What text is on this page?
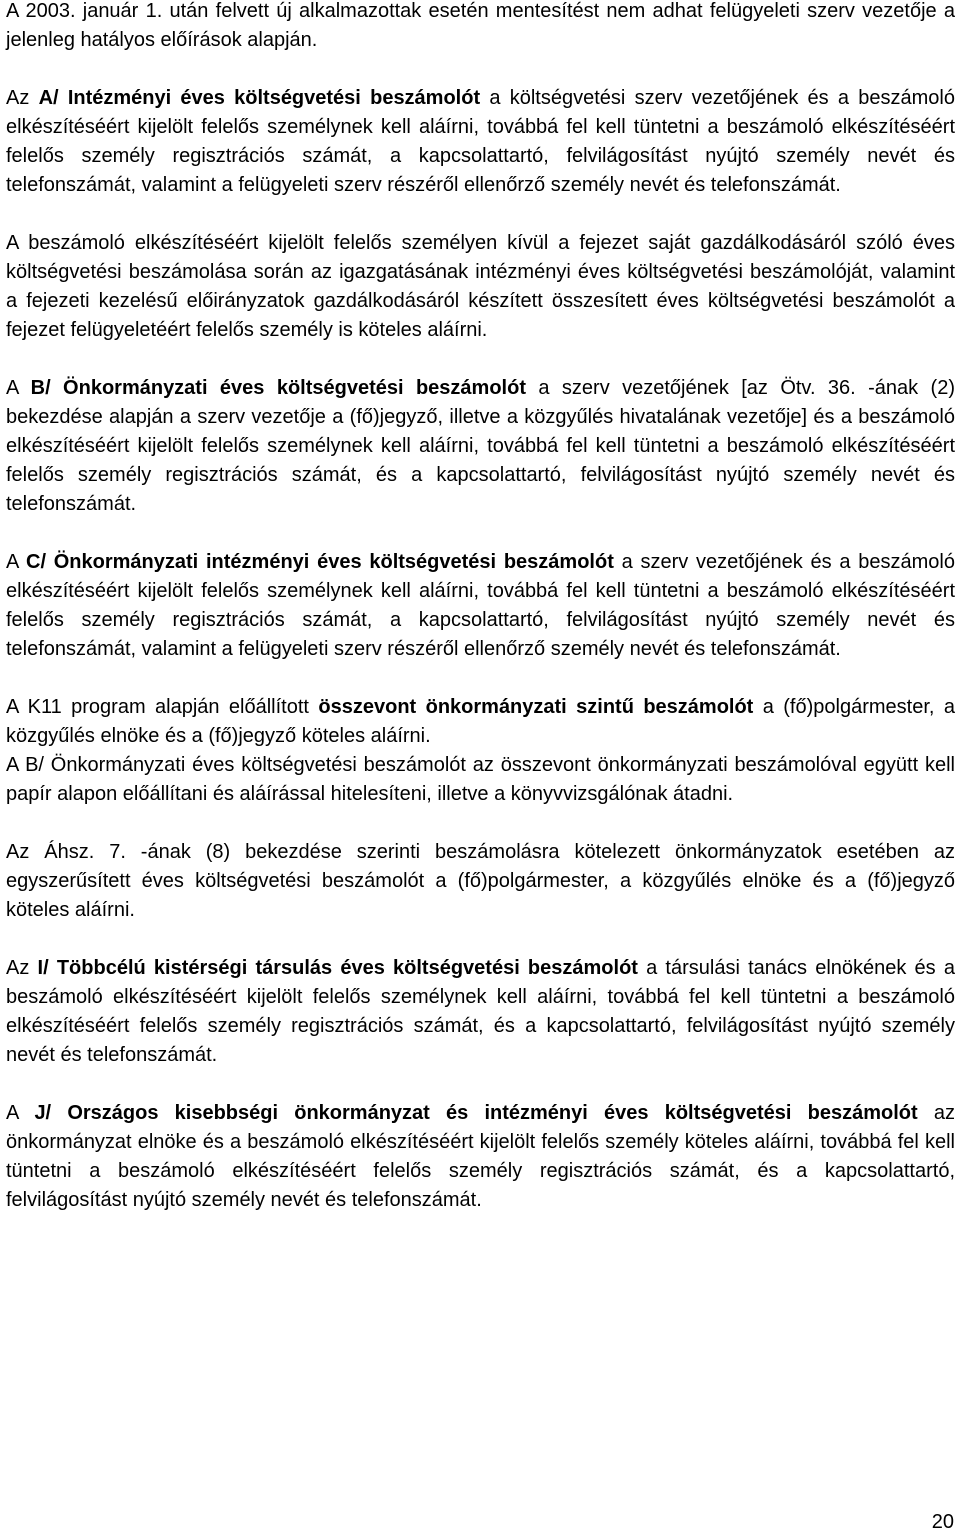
A 2003. január 1. után felvett új alkalmazottak esetén mentesítést nem adhat felügyeleti szerv vezetője a jelenleg hatályos előírások alapján.

Az A/ Intézményi éves költségvetési beszámolót a költségvetési szerv vezetőjének és a beszámoló elkészítéséért kijelölt felelős személynek kell aláírni, továbbá fel kell tüntetni a beszámoló elkészítéséért felelős személy regisztrációs számát, a kapcsolattartó, felvilágosítást nyújtó személy nevét és telefonszámát, valamint a felügyeleti szerv részéről ellenőrző személy nevét és telefonszámát.

A beszámoló elkészítéséért kijelölt felelős személyen kívül a fejezet saját gazdálkodásáról szóló éves költségvetési beszámolása során az igazgatásának intézményi éves költségvetési beszámolóját, valamint a fejezeti kezelésű előirányzatok gazdálkodásáról készített összesített éves költségvetési beszámolót a fejezet felügyeletéért felelős személy is köteles aláírni.

A B/ Önkormányzati éves költségvetési beszámolót a szerv vezetőjének [az Ötv. 36. -ának (2) bekezdése alapján a szerv vezetője a (fő)jegyző, illetve a közgyűlés hivatalának vezetője] és a beszámoló elkészítéséért kijelölt felelős személynek kell aláírni, továbbá fel kell tüntetni a beszámoló elkészítéséért felelős személy regisztrációs számát, és a kapcsolattartó, felvilágosítást nyújtó személy nevét és telefonszámát.

A C/ Önkormányzati intézményi éves költségvetési beszámolót a szerv vezetőjének és a beszámoló elkészítéséért kijelölt felelős személynek kell aláírni, továbbá fel kell tüntetni a beszámoló elkészítéséért felelős személy regisztrációs számát, a kapcsolattartó, felvilágosítást nyújtó személy nevét és telefonszámát, valamint a felügyeleti szerv részéről ellenőrző személy nevét és telefonszámát.

A K11 program alapján előállított összevont önkormányzati szintű beszámolót a (fő)polgármester, a közgyűlés elnöke és a (fő)jegyző köteles aláírni.

A B/ Önkormányzati éves költségvetési beszámolót az összevont önkormányzati beszámolóval együtt kell papír alapon előállítani és aláírással hitelesíteni, illetve a könyvvizsgálónak átadni.

Az Áhsz. 7. -ának (8) bekezdése szerinti beszámolásra kötelezett önkormányzatok esetében az egyszerűsített éves költségvetési beszámolót a (fő)polgármester, a közgyűlés elnöke és a (fő)jegyző köteles aláírni.

Az I/ Többcélú kistérségi társulás éves költségvetési beszámolót a társulási tanács elnökének és a beszámoló elkészítéséért kijelölt felelős személynek kell aláírni, továbbá fel kell tüntetni a beszámoló elkészítéséért felelős személy regisztrációs számát, és a kapcsolattartó, felvilágosítást nyújtó személy nevét és telefonszámát.

A J/ Országos kisebbségi önkormányzat és intézményi éves költségvetési beszámolót az önkormányzat elnöke és a beszámoló elkészítéséért kijelölt felelős személy köteles aláírni, továbbá fel kell tüntetni a beszámoló elkészítéséért felelős személy regisztrációs számát, és a kapcsolattartó, felvilágosítást nyújtó személy nevét és telefonszámát.

20
